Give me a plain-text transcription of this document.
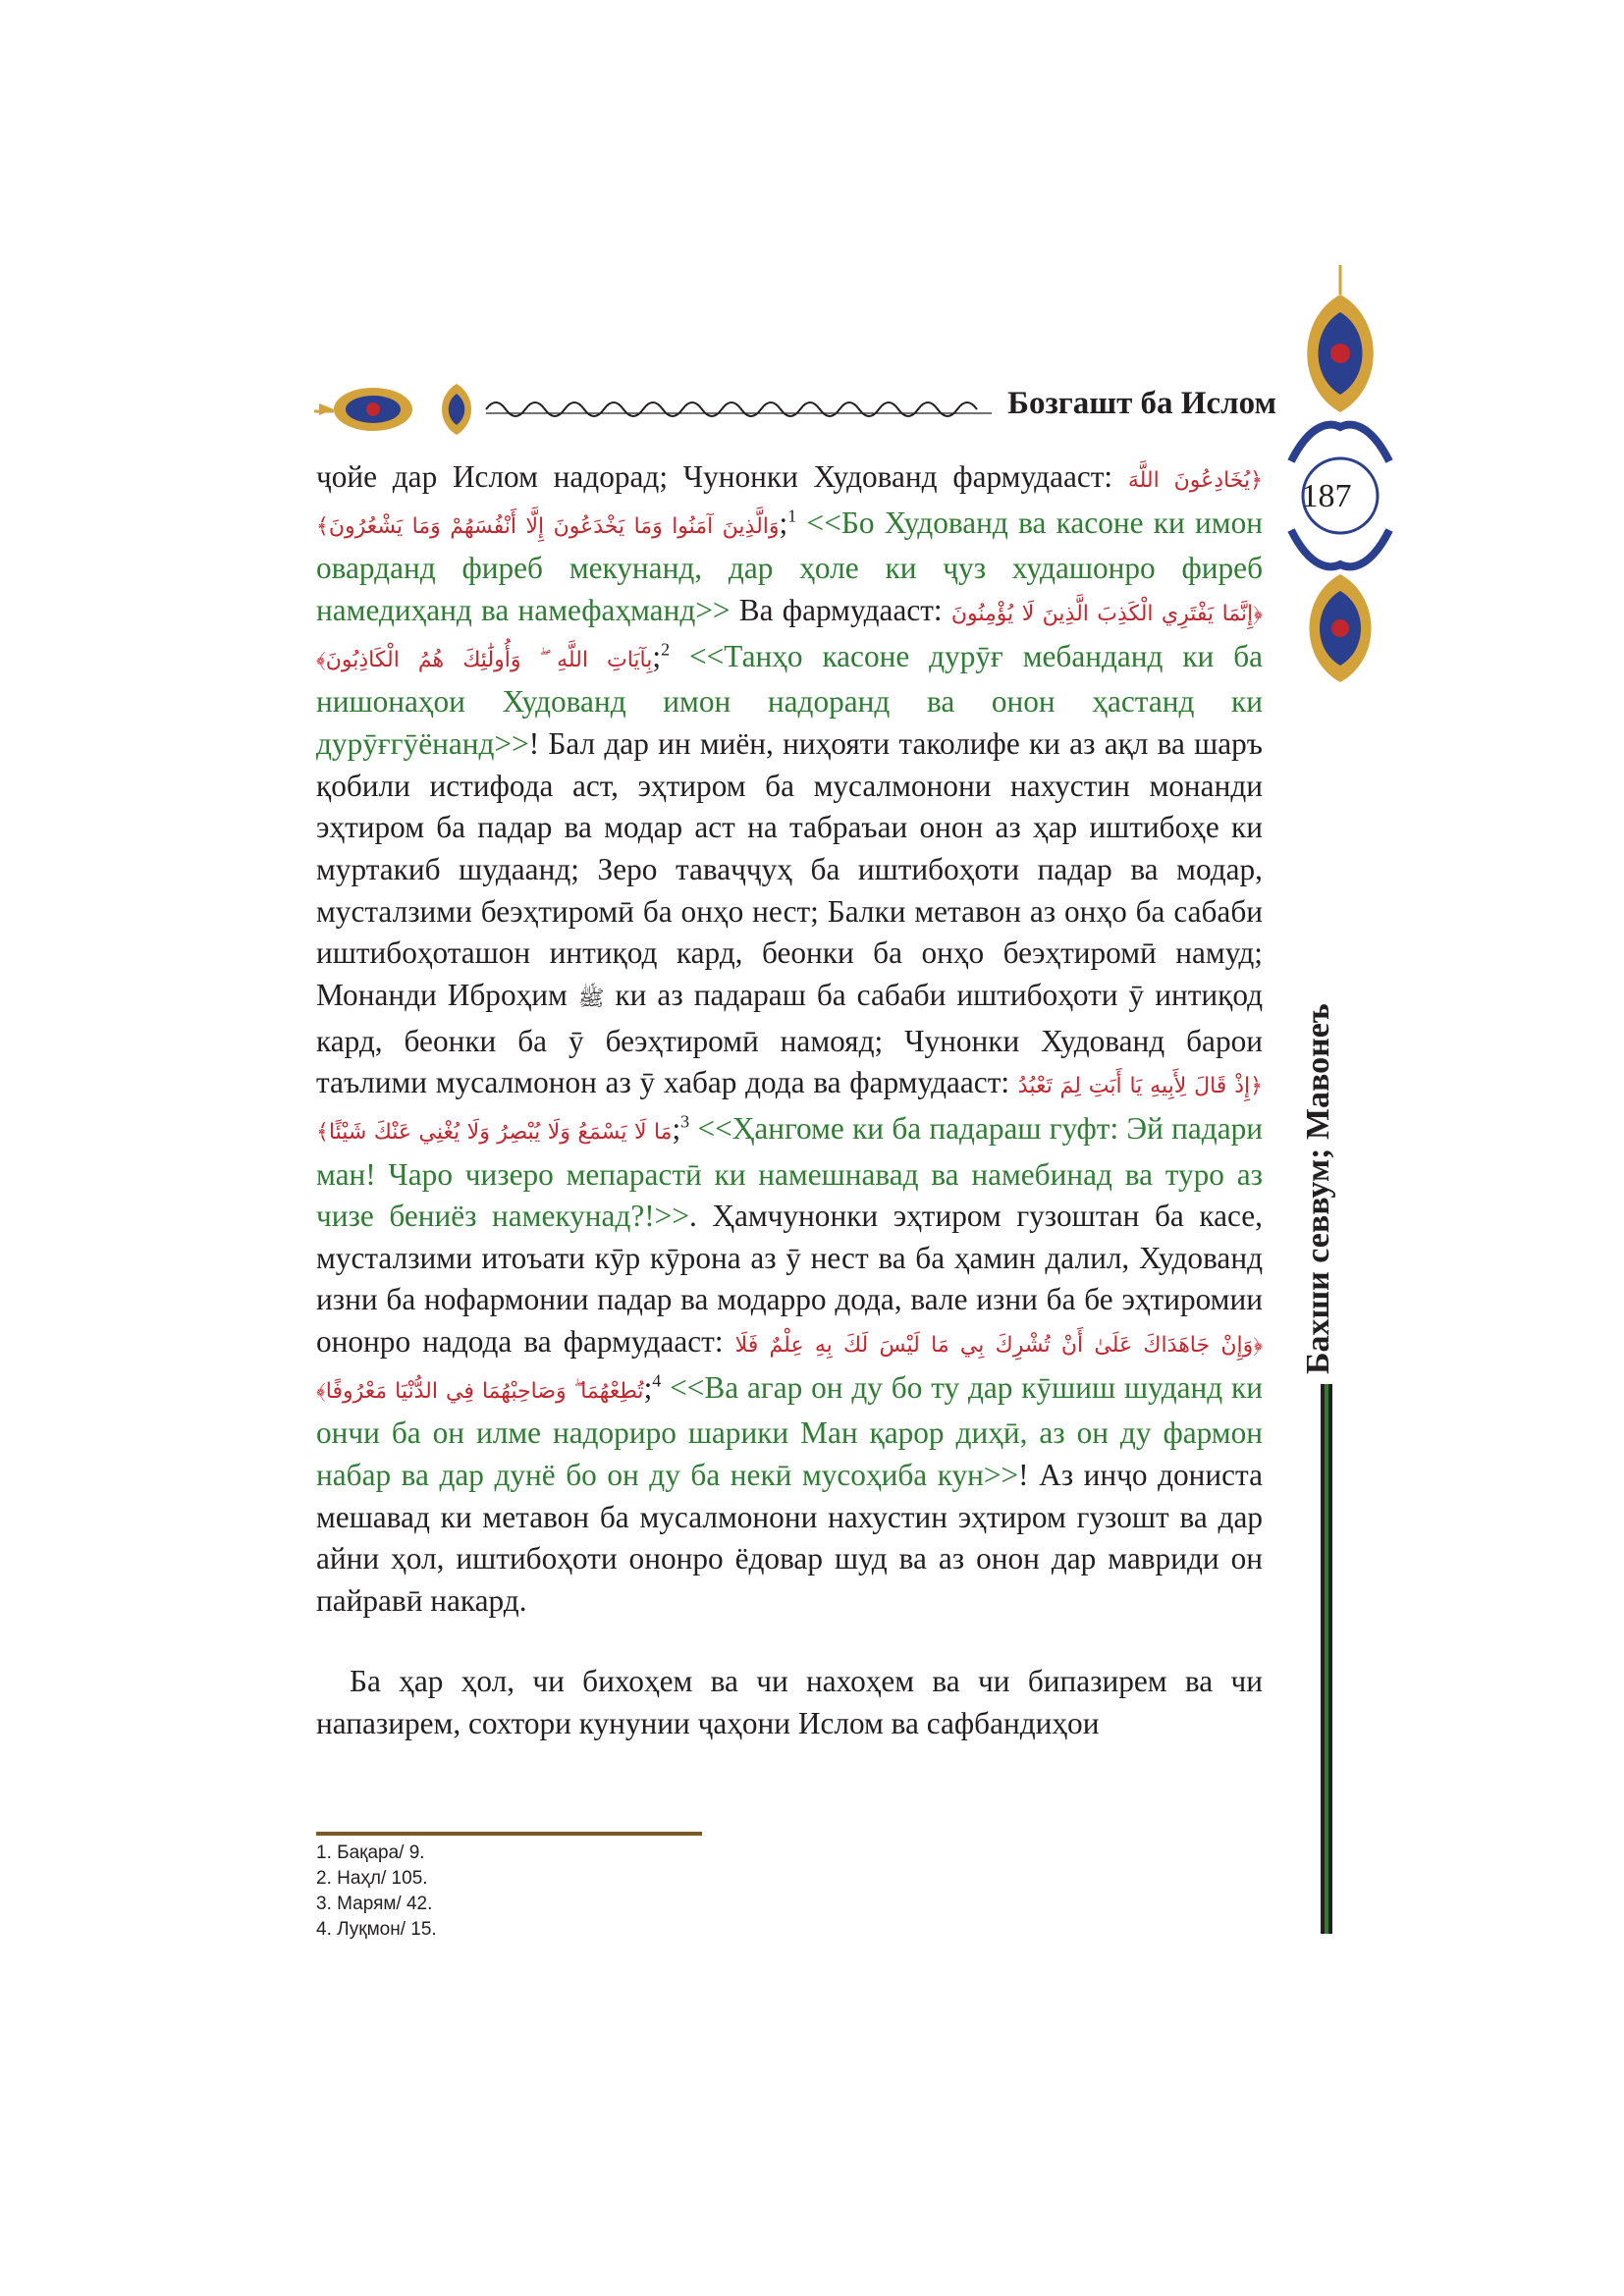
Бозгашт ба Ислом
187
Бахши севвум; Мавонеъ

ҷойе дар Ислом надорад; Чунонки Худованд фармудааст: ﴿يُخَادِعُونَ اللَّهَ وَالَّذِينَ آمَنُوا وَمَا يَخْدَعُونَ إِلَّا أَنْفُسَهُمْ وَمَا يَشْعُرُونَ﴾;$^1$ <<Бо Худованд ва касоне ки имон оварданд фиреб мекунанд, дар ҳоле ки ҷуз худашонро фиреб намедиҳанд ва намефаҳманд>> Ва фармудааст: ﴿إِنَّمَا يَفْتَرِي الْكَذِبَ الَّذِينَ لَا يُؤْمِنُونَ بِآيَاتِ اللَّهِ ۖ وَأُولَٰئِكَ هُمُ الْكَاذِبُونَ﴾;$^2$ <<Танҳо касоне дурӯғ мебанданд ки ба нишонаҳои Худованд имон надоранд ва онон ҳастанд ки дурӯғгӯёнанд>>! Бал дар ин миён, ниҳояти таколифе ки аз ақл ва шаръ қобили истифода аст, эҳтиром ба мусалмонони нахустин монанди эҳтиром ба падар ва модар аст на табраъаи онон аз ҳар иштибоҳе ки муртакиб шудаанд; Зеро таваҷҷуҳ ба иштибоҳоти падар ва модар, мусталзими беэҳтиромӣ ба онҳо нест; Балки метавон аз онҳо ба сабаби иштибоҳоташон интиқод кард, беонки ба онҳо беэҳтиромӣ намуд; Монанди Иброҳим ﷺ ки аз падараш ба сабаби иштибоҳоти ӯ интиқод кард, беонки ба ӯ беэҳтиромӣ намояд; Чунонки Худованд барои таълими мусалмонон аз ӯ хабар дода ва фармудааст: ﴿إِذْ قَالَ لِأَبِيهِ يَا أَبَتِ لِمَ تَعْبُدُ مَا لَا يَسْمَعُ وَلَا يُبْصِرُ وَلَا يُغْنِي عَنْكَ شَيْئًا﴾;$^3$ <<Ҳангоме ки ба падараш гуфт: Эй падари ман! Чаро чизеро мепарастӣ ки намешнавад ва намебинад ва туро аз чизе бениёз намекунад?!>>. Ҳамчунонки эҳтиром гузоштан ба касе, мусталзими итоъати кӯр кӯрона аз ӯ нест ва ба ҳамин далил, Худованд изни ба нофармонии падар ва модарро дода, вале изни ба бе эҳтиромии ононро надода ва фармудааст: ﴿وَإِنْ جَاهَدَاكَ عَلَىٰ أَنْ تُشْرِكَ بِي مَا لَيْسَ لَكَ بِهِ عِلْمٌ فَلَا تُطِعْهُمَا ۖ وَصَاحِبْهُمَا فِي الدُّنْيَا مَعْرُوفًا﴾;$^4$ <<Ва агар он ду бо ту дар кӯшиш шуданд ки ончи ба он илме надориро шарики Ман қарор диҳӣ, аз он ду фармон набар ва дар дунё бо он ду ба некӣ мусоҳиба кун>>! Аз инҷо дониста мешавад ки метавон ба мусалмонони нахустин эҳтиром гузошт ва дар айни ҳол, иштибоҳоти ононро ёдовар шуд ва аз онон дар мавриди он пайравӣ накард.

Ба ҳар ҳол, чи бихоҳем ва чи нахоҳем ва чи бипазирем ва чи напазирем, сохтори кунунии ҷаҳони Ислом ва сафбандиҳои
1. Бақара/ 9.
2. Наҳл/ 105.
3. Марям/ 42.
4. Луқмон/ 15.
